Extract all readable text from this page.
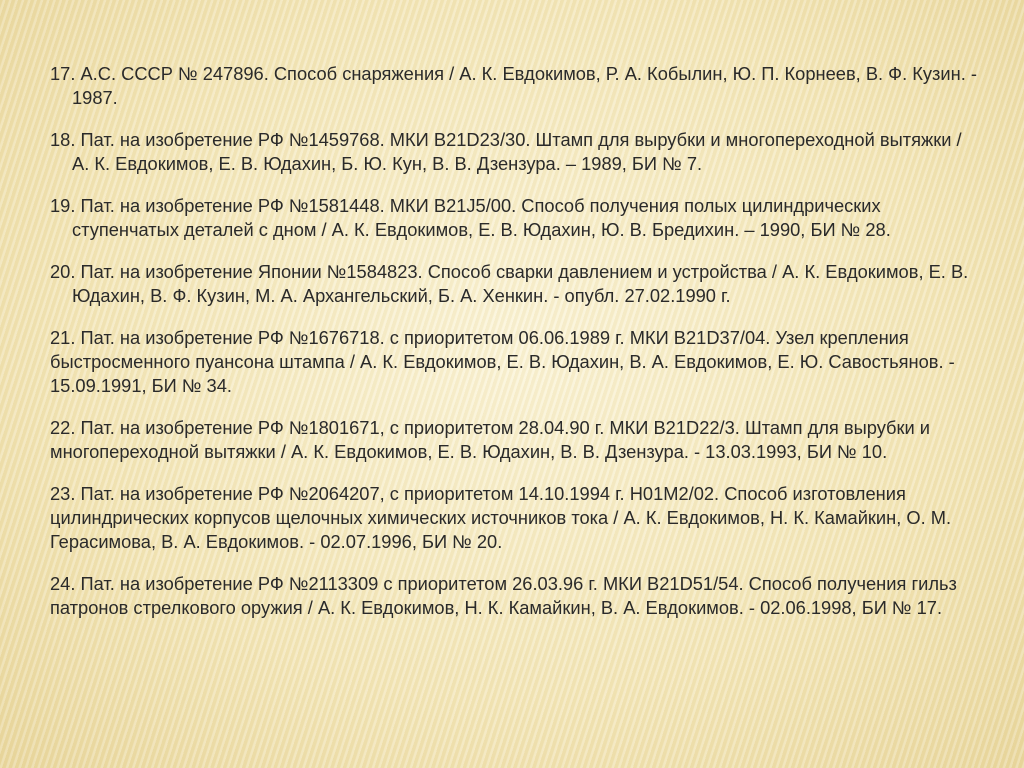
17. А.С. СССР № 247896. Способ снаряжения / А. К. Евдокимов, Р. А. Кобылин, Ю. П. Корнеев, В. Ф. Кузин. - 1987.

18. Пат. на изобретение РФ №1459768. МКИ B21D23/30. Штамп для вырубки и многопереходной вытяжки / А. К. Евдокимов, Е. В. Юдахин, Б. Ю. Кун, В. В. Дзензура. – 1989, БИ № 7.

19. Пат. на изобретение РФ №1581448. МКИ B21J5/00. Способ получения полых цилиндрических ступенчатых деталей с дном / А. К. Евдокимов, Е. В. Юдахин, Ю. В. Бредихин. – 1990, БИ № 28.

20. Пат. на изобретение Японии №1584823. Способ сварки давлением и устройства / А. К. Евдокимов, Е. В. Юдахин, В. Ф. Кузин, М. А. Архангельский, Б. А. Хенкин. - опубл. 27.02.1990 г.

21. Пат. на изобретение РФ №1676718. с приоритетом 06.06.1989 г. МКИ B21D37/04. Узел крепления быстросменного пуансона штампа / А. К. Евдокимов, Е. В. Юдахин, В. А. Евдокимов, Е. Ю. Савостьянов. - 15.09.1991, БИ № 34.

22. Пат. на изобретение РФ №1801671, с приоритетом 28.04.90 г. МКИ B21D22/3. Штамп для вырубки и многопереходной вытяжки / А. К. Евдокимов, Е. В. Юдахин, В. В. Дзензура. - 13.03.1993, БИ № 10.

23. Пат. на изобретение РФ №2064207, с приоритетом 14.10.1994 г. H01M2/02. Способ изготовления цилиндрических корпусов щелочных химических источников тока / А. К. Евдокимов, Н. К. Камайкин, О. М. Герасимова, В. А. Евдокимов. - 02.07.1996, БИ № 20.

24. Пат. на изобретение РФ №2113309 с приоритетом 26.03.96 г. МКИ B21D51/54. Способ получения гильз патронов стрелкового оружия / А. К. Евдокимов, Н. К. Камайкин, В. А. Евдокимов. - 02.06.1998, БИ № 17.
